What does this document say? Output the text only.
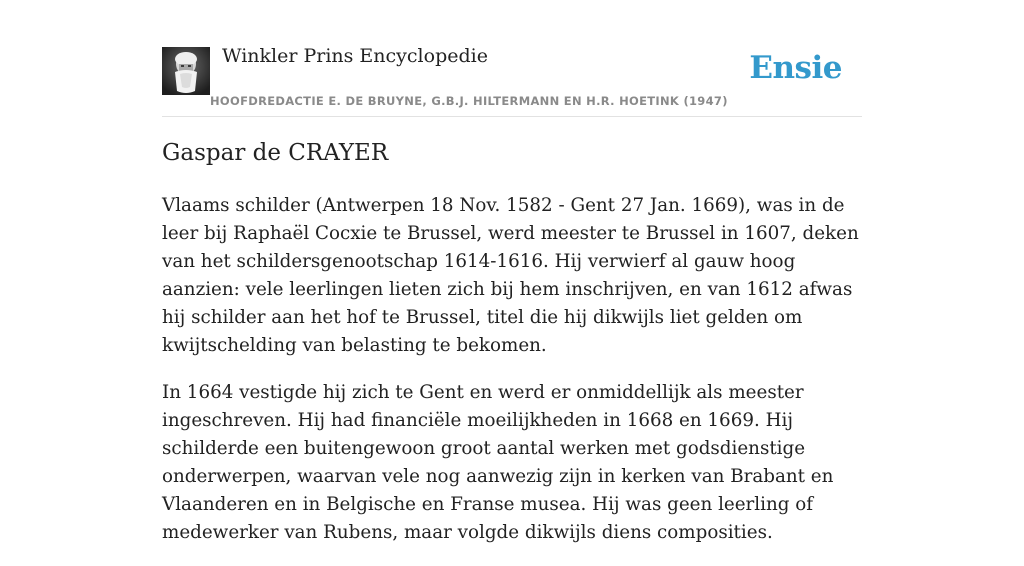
Winkler Prins Encyclopedie
HOOFDREDACTIE E. DE BRUYNE, G.B.J. HILTERMANN EN H.R. HOETINK (1947)
Ensie
Gaspar de CRAYER

Vlaams schilder (Antwerpen 18 Nov. 1582 - Gent 27 Jan. 1669), was in de leer bij Raphaël Cocxie te Brussel, werd meester te Brussel in 1607, deken van het schildersgenootschap 1614-1616. Hij verwierf al gauw hoog aanzien: vele leerlingen lieten zich bij hem inschrijven, en van 1612 afwas hij schilder aan het hof te Brussel, titel die hij dikwijls liet gelden om kwijtschelding van belasting te bekomen.

In 1664 vestigde hij zich te Gent en werd er onmiddellijk als meester ingeschreven. Hij had financiële moeilijkheden in 1668 en 1669. Hij schilderde een buitengewoon groot aantal werken met godsdienstige onderwerpen, waarvan vele nog aanwezig zijn in kerken van Brabant en Vlaanderen en in Belgische en Franse musea. Hij was geen leerling of medewerker van Rubens, maar volgde dikwijls diens composities.
